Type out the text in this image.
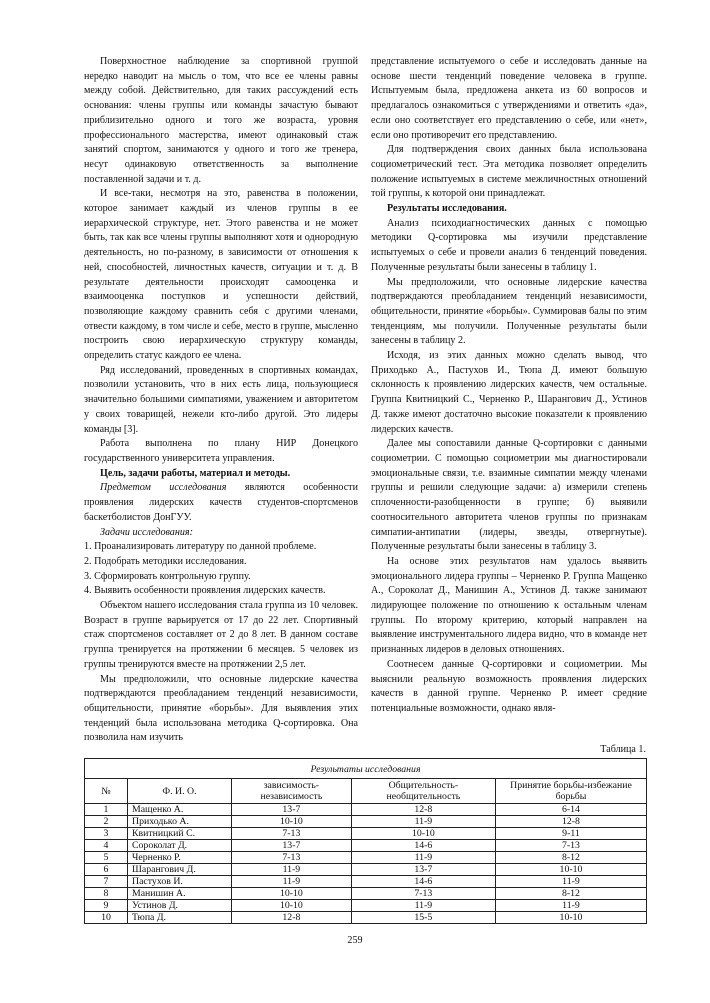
Поверхностное наблюдение за спортивной группой нередко наводит на мысль о том, что все ее члены равны между собой. Действительно, для таких рассуждений есть основания: члены группы или команды зачастую бывают приблизительно одного и того же возраста, уровня профессионального мастерства, имеют одинаковый стаж занятий спортом, занимаются у одного и того же тренера, несут одинаковую ответственность за выполнение поставленной задачи и т. д.

И все-таки, несмотря на это, равенства в положении, которое занимает каждый из членов группы в ее иерархической структуре, нет. Этого равенства и не может быть, так как все члены группы выполняют хотя и однородную деятельность, но по-разному, в зависимости от отношения к ней, способностей, личностных качеств, ситуации и т. д. В результате деятельности происходят самооценка и взаимооценка поступков и успешности действий, позволяющие каждому сравнить себя с другими членами, отвести каждому, в том числе и себе, место в группе, мысленно построить свою иерархическую структуру команды, определить статус каждого ее члена.

Ряд исследований, проведенных в спортивных командах, позволили установить, что в них есть лица, пользующиеся значительно большими симпатиями, уважением и авторитетом у своих товарищей, нежели кто-либо другой. Это лидеры команды [3].

Работа выполнена по плану НИР Донецкого государственного университета управления.

Цель, задачи работы, материал и методы.

Предметом исследования являются особенности проявления лидерских качеств студентов-спортсменов баскетболистов ДонГУУ.

Задачи исследования:

1. Проанализировать литературу по данной проблеме.
2. Подобрать методики исследования.
3. Сформировать контрольную группу.
4. Выявить особенности проявления лидерских качеств.

Объектом нашего исследования стала группа из 10 человек. Возраст в группе варьируется от 17 до 22 лет. Спортивный стаж спортсменов составляет от 2 до 8 лет. В данном составе группа тренируется на протяжении 6 месяцев. 5 человек из группы тренируются вместе на протяжении 2,5 лет.

Мы предположили, что основные лидерские качества подтверждаются преобладанием тенденций независимости, общительности, принятие «борьбы». Для выявления этих тенденций была использована методика Q-сортировка. Она позволила нам изучить

представление испытуемого о себе и исследовать данные на основе шести тенденций поведение человека в группе. Испытуемым была, предложена анкета из 60 вопросов и предлагалось ознакомиться с утверждениями и ответить «да», если оно соответствует его представлению о себе, или «нет», если оно противоречит его представлению.

Для подтверждения своих данных была использована социометрический тест. Эта методика позволяет определить положение испытуемых в системе межличностных отношений той группы, к которой они принадлежат.

Результаты исследования.

Анализ психодиагностических данных с помощью методики Q-сортировка мы изучили представление испытуемых о себе и провели анализ 6 тенденций поведения. Полученные результаты были занесены в таблицу 1.

Мы предположили, что основные лидерские качества подтверждаются преобладанием тенденций независимости, общительности, принятие «борьбы». Суммировав балы по этим тенденциям, мы получили. Полученные результаты были занесены в таблицу 2.

Исходя, из этих данных можно сделать вывод, что Приходько А., Пастухов И., Тюпа Д. имеют большую склонность к проявлению лидерских качеств, чем остальные. Группа Квитницкий С., Черненко Р., Шарангович Д., Устинов Д. также имеют достаточно высокие показатели к проявлению лидерских качеств.

Далее мы сопоставили данные Q-сортировки с данными социометрии. С помощью социометрии мы диагностировали эмоциональные связи, т.е. взаимные симпатии между членами группы и решили следующие задачи: а) измерили степень сплоченности-разобщенности в группе; б) выявили соотносительного авторитета членов группы по признакам симпатии-антипатии (лидеры, звезды, отвергнутые). Полученные результаты были занесены в таблицу 3.

На основе этих результатов нам удалось выявить эмоционального лидера группы – Черненко Р. Группа Мащенко А., Сороколат Д., Манишин А., Устинов Д. также занимают лидирующее положение по отношению к остальным членам группы. По второму критерию, который направлен на выявление инструментального лидера видно, что в команде нет признанных лидеров в деловых отношениях.

Соотнесем данные Q-сортировки и социометрии. Мы выяснили реальную возможность проявления лидерских качеств в данной группе. Черненко Р. имеет средние потенциальные возможности, однако явля-

Таблица 1.
Результаты исследования				
№	Ф. И. О.	зависимость-независимость	Общительность-необщительность	Принятие борьбы-избежание борьбы
1	Мащенко А.	13-7	12-8	6-14
2	Приходько А.	10-10	11-9	12-8
3	Квитницкий С.	7-13	10-10	9-11
4	Сороколат Д.	13-7	14-6	7-13
5	Черненко Р.	7-13	11-9	8-12
6	Шарангович Д.	11-9	13-7	10-10
7	Пастухов И.	11-9	14-6	11-9
8	Манишин А.	10-10	7-13	8-12
9	Устинов Д.	10-10	11-9	11-9
10	Тюпа Д.	12-8	15-5	10-10
259
